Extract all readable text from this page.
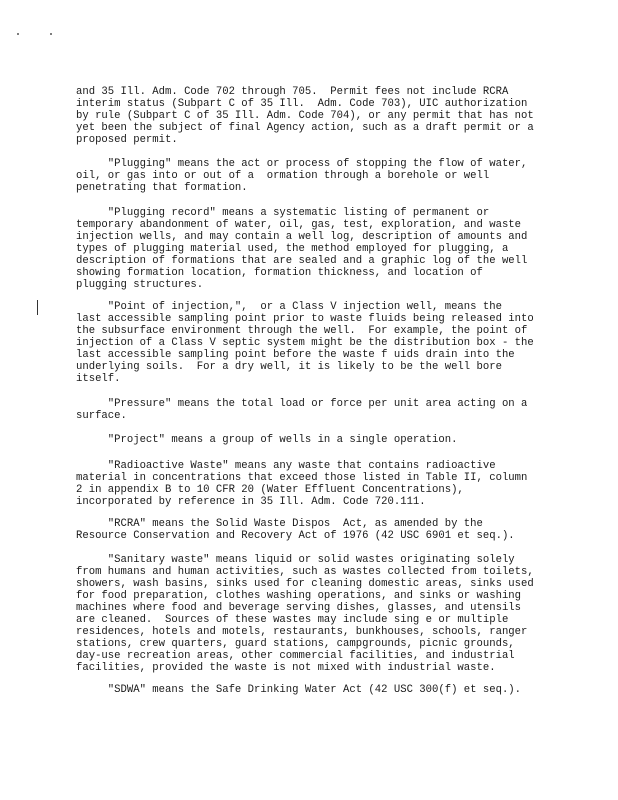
and 35 Ill. Adm. Code 702 through 705.  Permit fees not include RCRA
interim status (Subpart C of 35 Ill.  Adm. Code 703), UIC authorization
by rule (Subpart C of 35 Ill. Adm. Code 704), or any permit that has not
yet been the subject of final Agency action, such as a draft permit or a
proposed permit.
"Plugging" means the act or process of stopping the flow of water,
oil, or gas into or out of a  ormation through a borehole or well
penetrating that formation.
"Plugging record" means a systematic listing of permanent or
temporary abandonment of water, oil, gas, test, exploration, and waste
injection wells, and may contain a well log, description of amounts and
types of plugging material used, the method employed for plugging, a
description of formations that are sealed and a graphic log of the well
showing formation location, formation thickness, and location of
plugging structures.
"Point of injection,",  or a Class V injection well, means the
last accessible sampling point prior to waste fluids being released into
the subsurface environment through the well.  For example, the point of
injection of a Class V septic system might be the distribution box - the
last accessible sampling point before the waste f uids drain into the
underlying soils.  For a dry well, it is likely to be the well bore
itself.
"Pressure" means the total load or force per unit area acting on a
surface.
"Project" means a group of wells in a single operation.
"Radioactive Waste" means any waste that contains radioactive
material in concentrations that exceed those listed in Table II, column
2 in appendix B to 10 CFR 20 (Water Effluent Concentrations),
incorporated by reference in 35 Ill. Adm. Code 720.111.
"RCRA" means the Solid Waste Dispos  Act, as amended by the
Resource Conservation and Recovery Act of 1976 (42 USC 6901 et seq.).
"Sanitary waste" means liquid or solid wastes originating solely
from humans and human activities, such as wastes collected from toilets,
showers, wash basins, sinks used for cleaning domestic areas, sinks used
for food preparation, clothes washing operations, and sinks or washing
machines where food and beverage serving dishes, glasses, and utensils
are cleaned.  Sources of these wastes may include sing e or multiple
residences, hotels and motels, restaurants, bunkhouses, schools, ranger
stations, crew quarters, guard stations, campgrounds, picnic grounds,
day-use recreation areas, other commercial facilities, and industrial
facilities, provided the waste is not mixed with industrial waste.
"SDWA" means the Safe Drinking Water Act (42 USC 300(f) et seq.).
